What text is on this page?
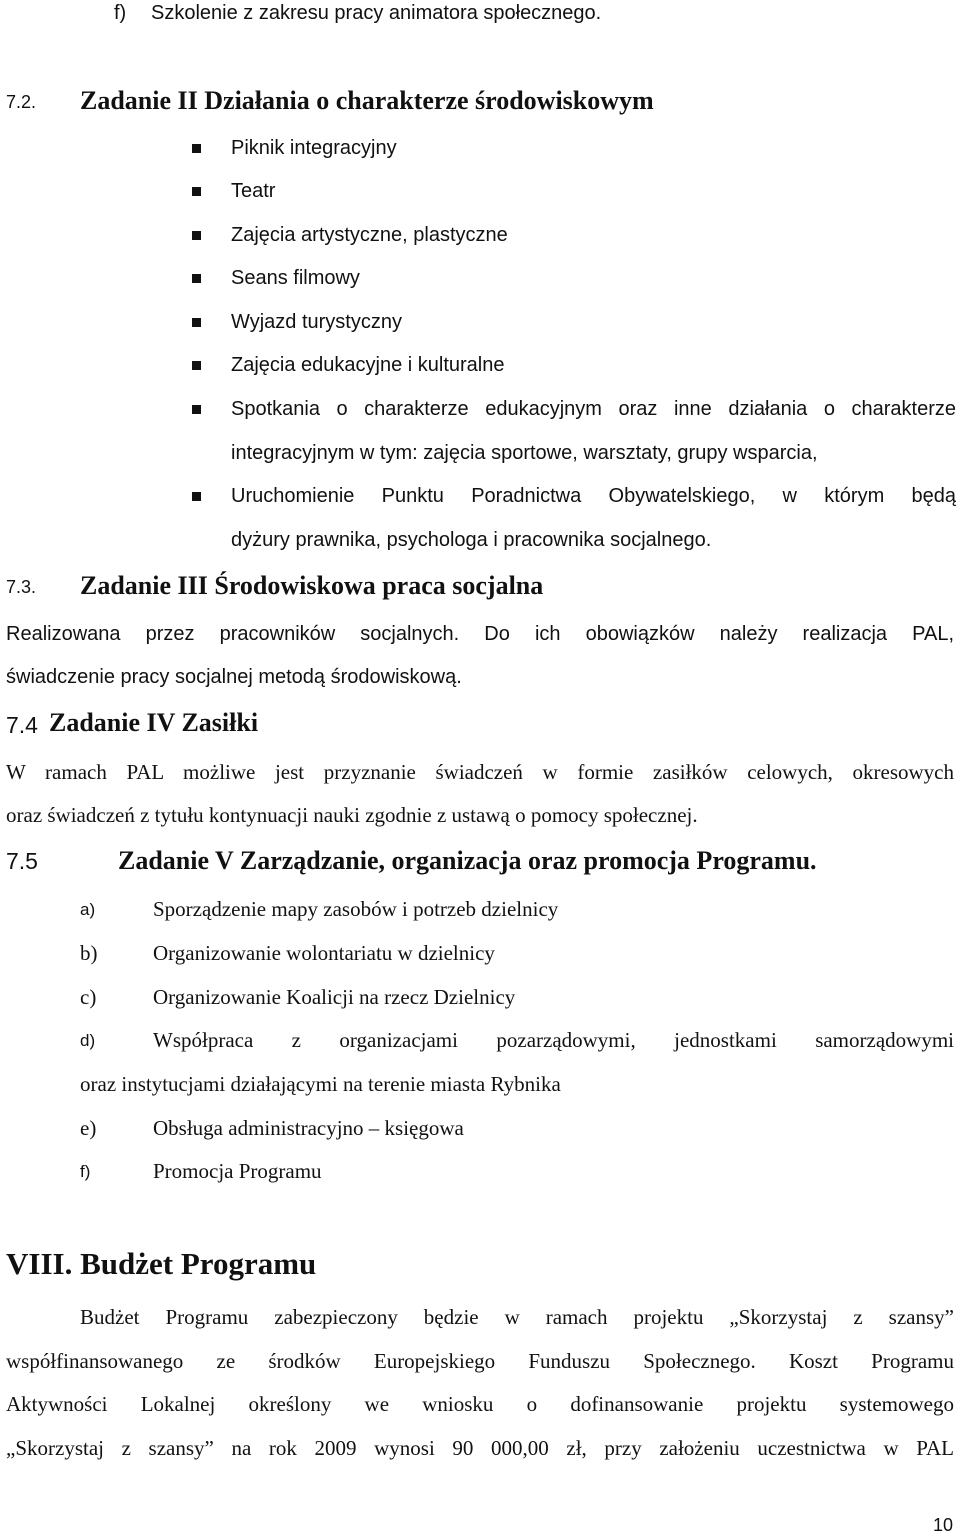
f) Szkolenie z zakresu pracy animatora społecznego.
7.2. Zadanie II Działania o charakterze środowiskowym
Piknik integracyjny
Teatr
Zajęcia artystyczne, plastyczne
Seans filmowy
Wyjazd turystyczny
Zajęcia edukacyjne i kulturalne
Spotkania o charakterze edukacyjnym oraz inne działania o charakterze
integracyjnym w tym: zajęcia sportowe, warsztaty, grupy wsparcia,
Uruchomienie Punktu Poradnictwa Obywatelskiego, w którym będą
dyżury prawnika, psychologa i pracownika socjalnego.
7.3. Zadanie III Środowiskowa praca socjalna
Realizowana przez pracowników socjalnych. Do ich obowiązków należy realizacja PAL,
świadczenie pracy socjalnej metodą środowiskową.
7.4 Zadanie IV Zasiłki
W ramach PAL możliwe jest przyznanie świadczeń w formie zasiłków celowych, okresowych
oraz świadczeń z tytułu kontynuacji nauki zgodnie z ustawą o pomocy społecznej.
7.5	Zadanie V Zarządzanie, organizacja oraz promocja Programu.
a)	Sporządzenie mapy zasobów i potrzeb dzielnicy
b)	Organizowanie wolontariatu w dzielnicy
c)	Organizowanie Koalicji na rzecz Dzielnicy
d)	Współpraca z organizacjami pozarządowymi, jednostkami samorządowymi
oraz instytucjami działającymi na terenie miasta Rybnika
e)	Obsługa administracyjno – księgowa
f)	Promocja Programu
VIII. Budżet Programu
Budżet Programu zabezpieczony będzie w ramach projektu „Skorzystaj z szansy”
współfinansowanego ze środków Europejskiego Funduszu Społecznego. Koszt Programu
Aktywności Lokalnej określony we wniosku o dofinansowanie projektu systemowego
„Skorzystaj z szansy” na rok 2009 wynosi 90 000,00 zł, przy założeniu uczestnictwa w PAL
10
